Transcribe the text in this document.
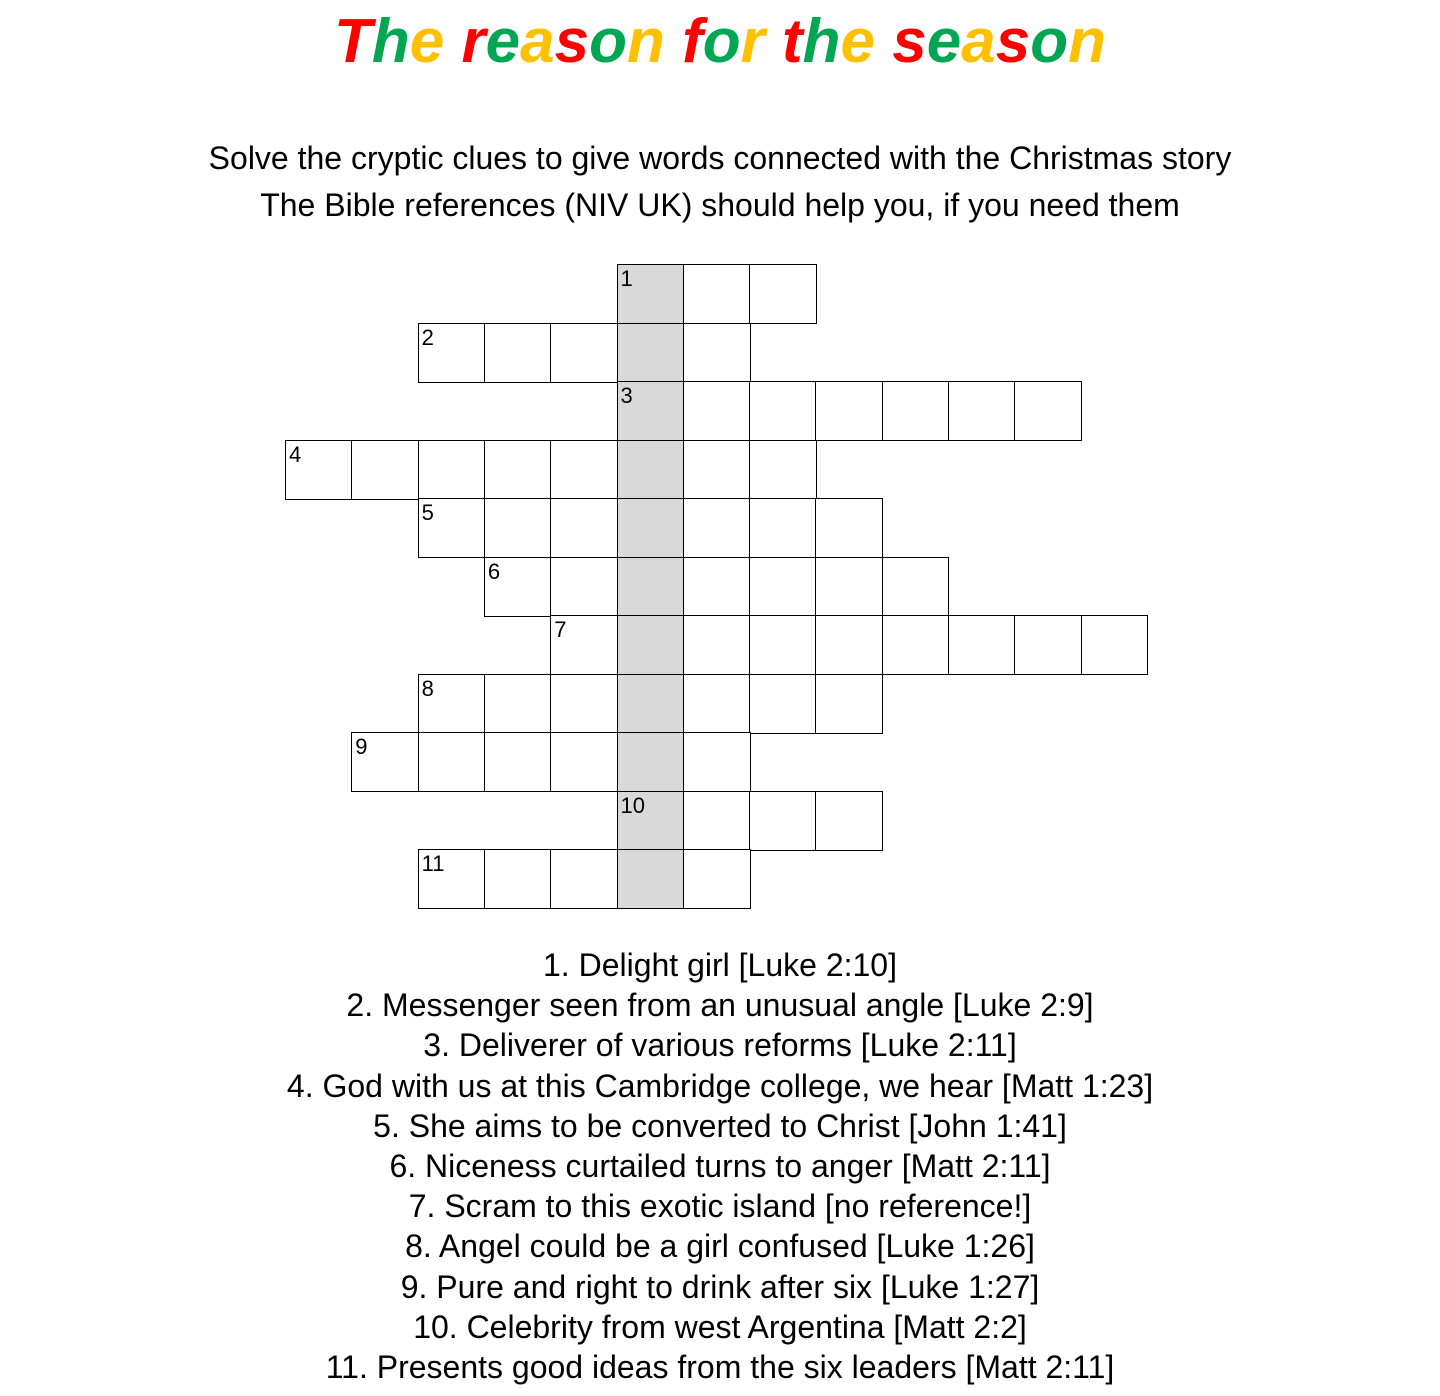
The reason for the season
Solve the cryptic clues to give words connected with the Christmas story
The Bible references (NIV UK) should help you, if you need them
1
2
3
4
5
6
7
8
9
10
11
1. Delight girl [Luke 2:10]
2. Messenger seen from an unusual angle [Luke 2:9]
3. Deliverer of various reforms [Luke 2:11]
4. God with us at this Cambridge college, we hear [Matt 1:23]
5. She aims to be converted to Christ [John 1:41]
6. Niceness curtailed turns to anger [Matt 2:11]
7. Scram to this exotic island [no reference!]
8. Angel could be a girl confused [Luke 1:26]
9. Pure and right to drink after six [Luke 1:27]
10. Celebrity from west Argentina [Matt 2:2]
11. Presents good ideas from the six leaders [Matt 2:11]
